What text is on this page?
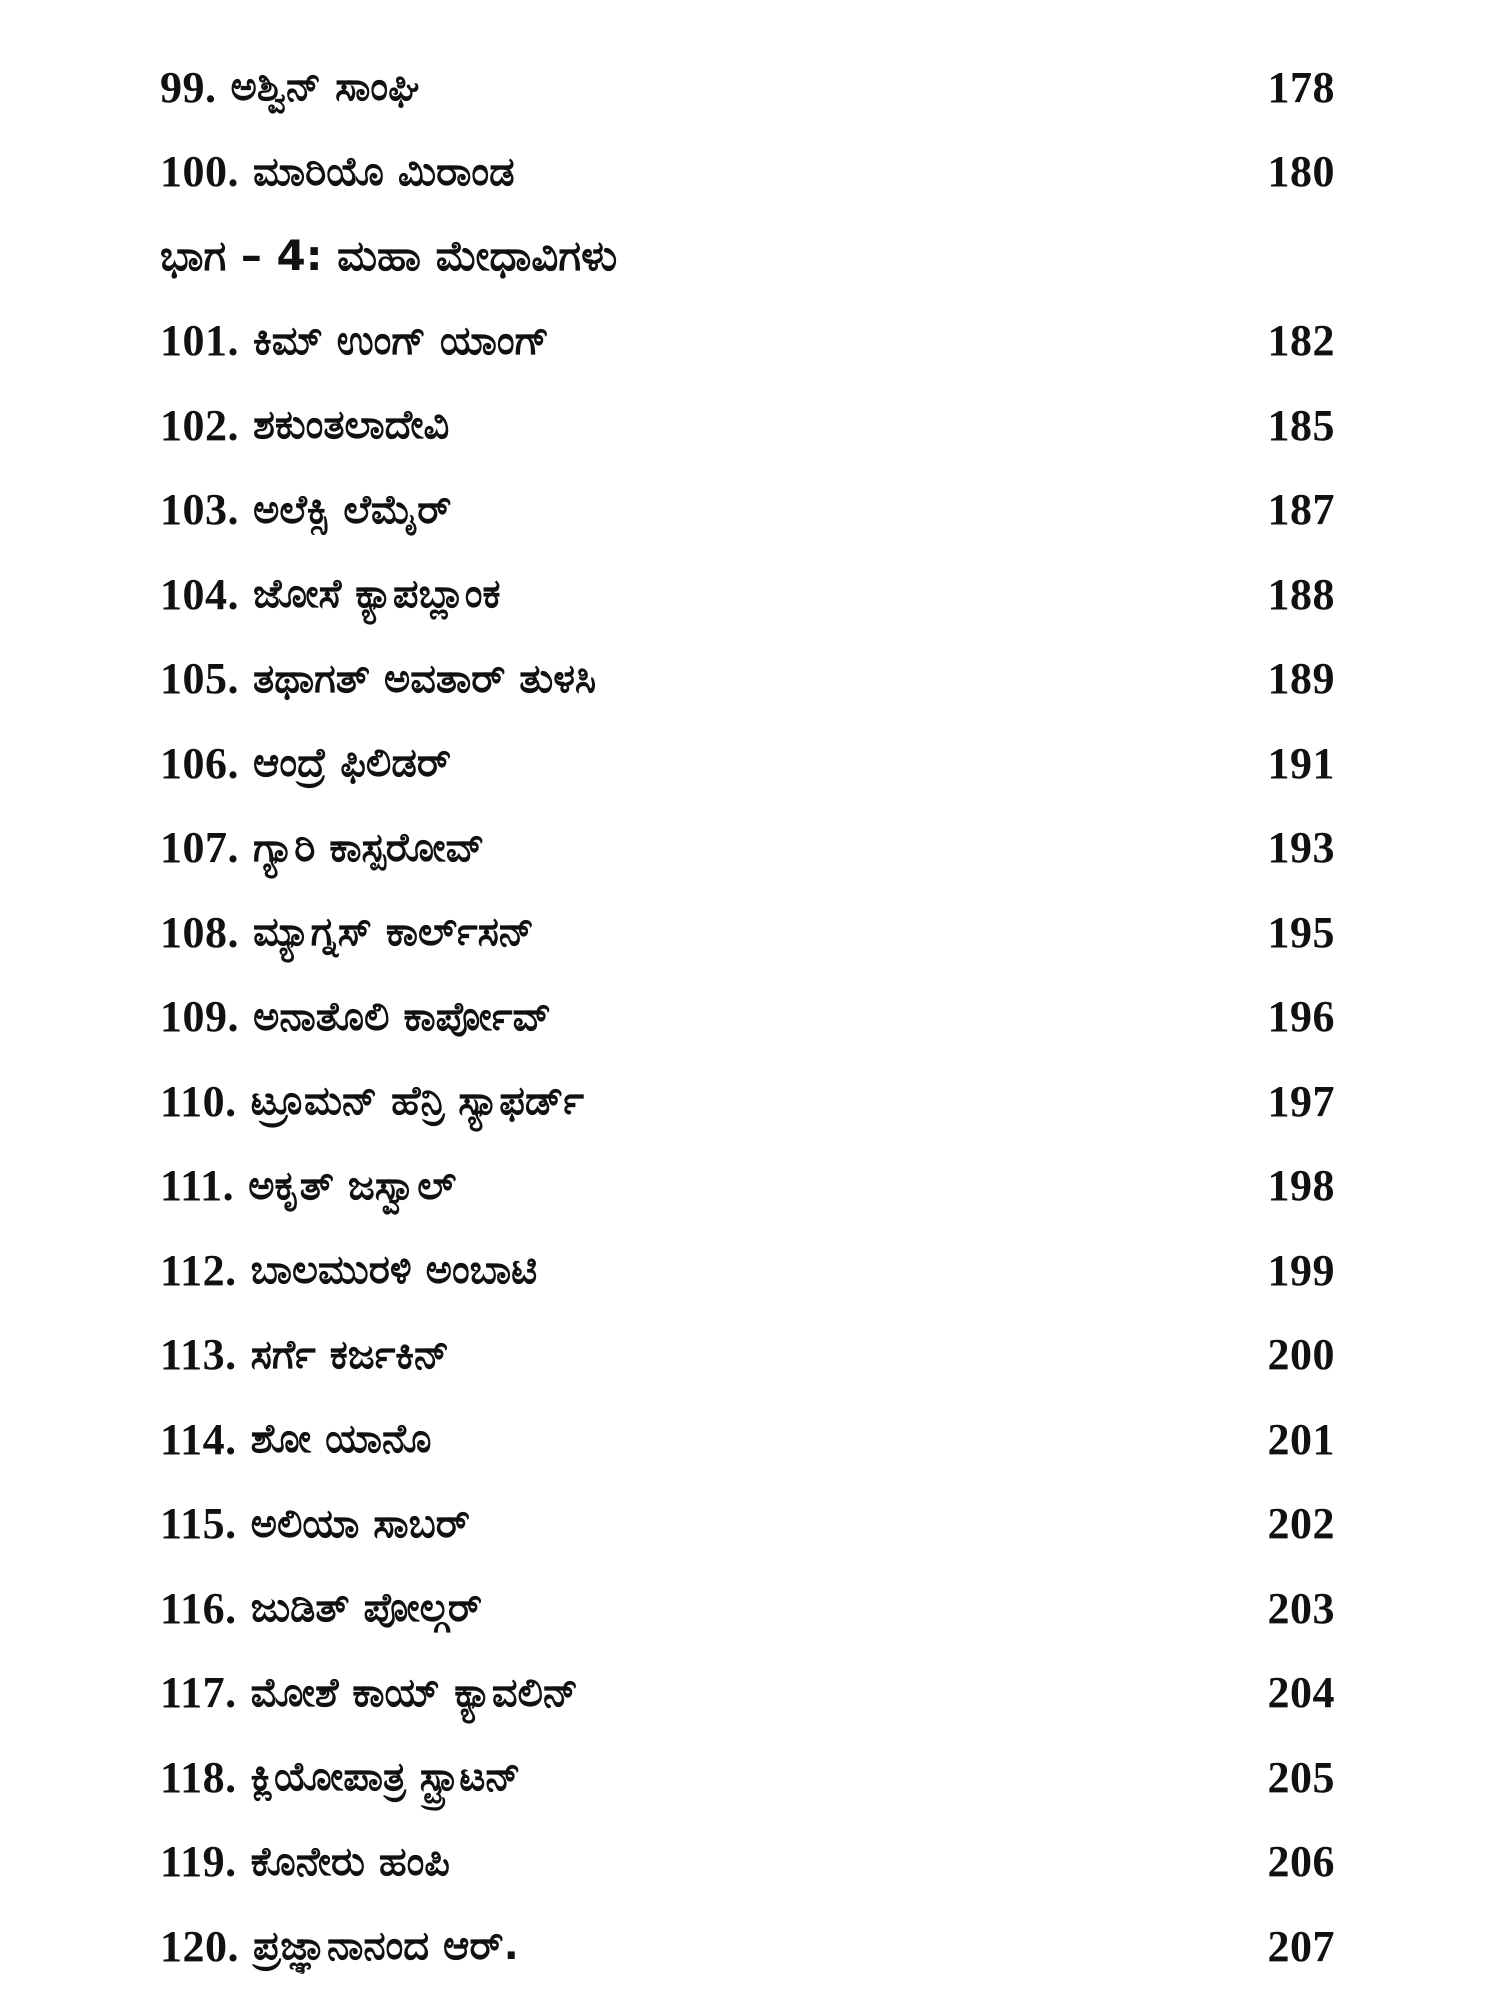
99. ಅಶ್ವಿನ್ ಸಾಂಘಿ	178
100. ಮಾರಿಯೊ ಮಿರಾಂಡ	180
ಭಾಗ – 4: ಮಹಾ ಮೇಧಾವಿಗಳು
101. ಕಿಮ್ ಉಂಗ್ ಯಾಂಗ್	182
102. ಶಕುಂತಲಾದೇವಿ	185
103. ಅಲೆಕ್ಸಿ ಲೆಮೈರ್	187
104. ಜೋಸೆ ಕ್ಯಾಪಬ್ಲಾಂಕ	188
105. ತಥಾಗತ್ ಅವತಾರ್ ತುಳಸಿ	189
106. ಆಂದ್ರೆ ಫಿಲಿಡರ್	191
107. ಗ್ಯಾರಿ ಕಾಸ್ಪರೋವ್	193
108. ಮ್ಯಾಗ್ನಸ್ ಕಾರ್ಲ್‌ಸನ್	195
109. ಅನಾತೊಲಿ ಕಾರ್ಪೋವ್	196
110. ಟ್ರೂಮನ್ ಹೆನ್ರಿ ಸ್ಯಾಫರ್ಡ್	197
111. ಅಕೃತ್ ಜಸ್ವಾಲ್	198
112. ಬಾಲಮುರಳಿ ಅಂಬಾಟಿ	199
113. ಸರ್ಗೆ ಕರ್ಜಕಿನ್	200
114. ಶೋ ಯಾನೊ	201
115. ಅಲಿಯಾ ಸಾಬರ್	202
116. ಜುಡಿತ್ ಪೋಲ್ಗರ್	203
117. ಮೋಶೆ ಕಾಯ್ ಕ್ಯಾವಲಿನ್	204
118. ಕ್ಲಿಯೋಪಾತ್ರ ಸ್ಟ್ರಾಟನ್	205
119. ಕೊನೇರು ಹಂಪಿ	206
120. ಪ್ರಜ್ಞಾನಾನಂದ ಆರ್.	207
